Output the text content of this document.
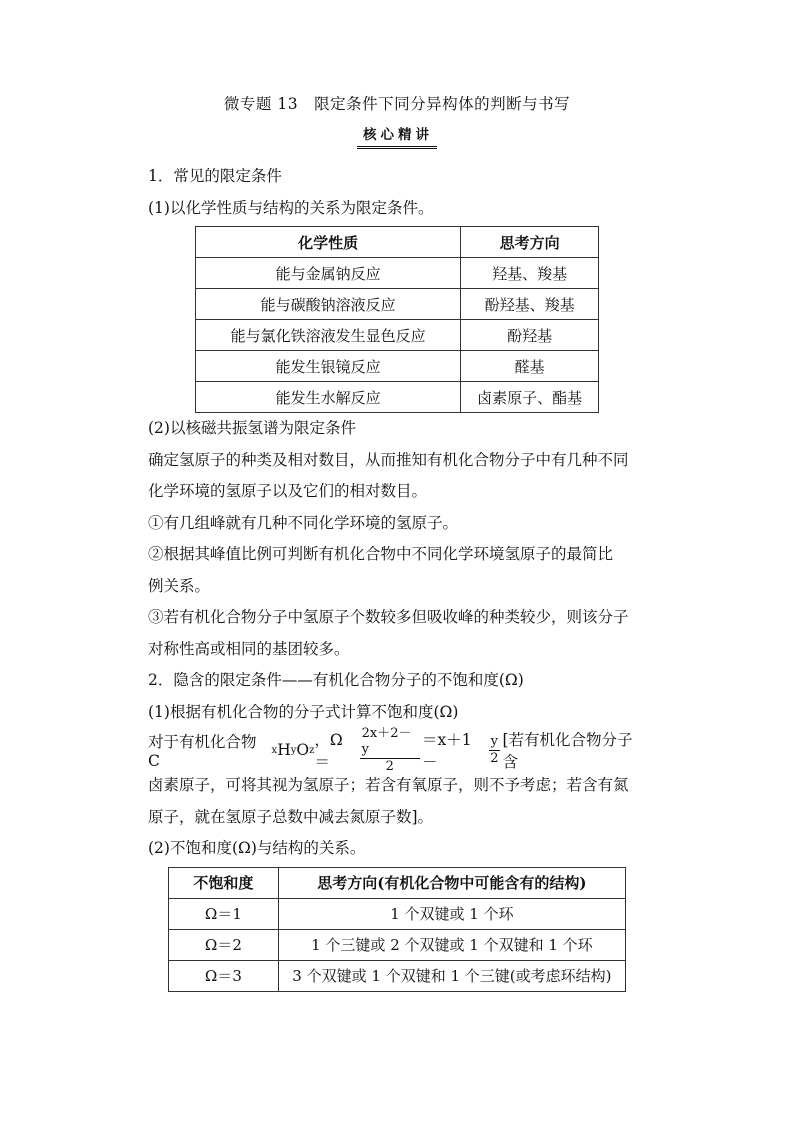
微专题 13　限定条件下同分异构体的判断与书写
核心精讲

1．常见的限定条件

(1)以化学性质与结构的关系为限定条件。

化学性质	思考方向
能与金属钠反应	羟基、羧基
能与碳酸钠溶液反应	酚羟基、羧基
能与氯化铁溶液发生显色反应	酚羟基
能发生银镜反应	醛基
能发生水解反应	卤素原子、酯基

(2)以核磁共振氢谱为限定条件

确定氢原子的种类及相对数目，从而推知有机化合物分子中有几种不同

化学环境的氢原子以及它们的相对数目。

①有几组峰就有几种不同化学环境的氢原子。

②根据其峰值比例可判断有机化合物中不同化学环境氢原子的最简比

例关系。

③若有机化合物分子中氢原子个数较多但吸收峰的种类较少，则该分子

对称性高或相同的基团较多。

2．隐含的限定条件——有机化合物分子的不饱和度(Ω)

(1)根据有机化合物的分子式计算不饱和度(Ω)

对于有机化合物 C
x H y O z
，Ω＝	$\frac{2x+2-y}{2} =x+1-$	$\frac{y}{2}$ [若有机化合物分子含

卤素原子，可将其视为氢原子；若含有氧原子，则不予考虑；若含有氮

原子，就在氢原子总数中减去氮原子数]。

(2)不饱和度(Ω)与结构的关系。

不饱和度	思考方向(有机化合物中可能含有的结构)
Ω＝1	1 个双键或 1 个环
Ω＝2	1 个三键或 2 个双键或 1 个双键和 1 个环
Ω＝3	3 个双键或 1 个双键和 1 个三键(或考虑环结构)
